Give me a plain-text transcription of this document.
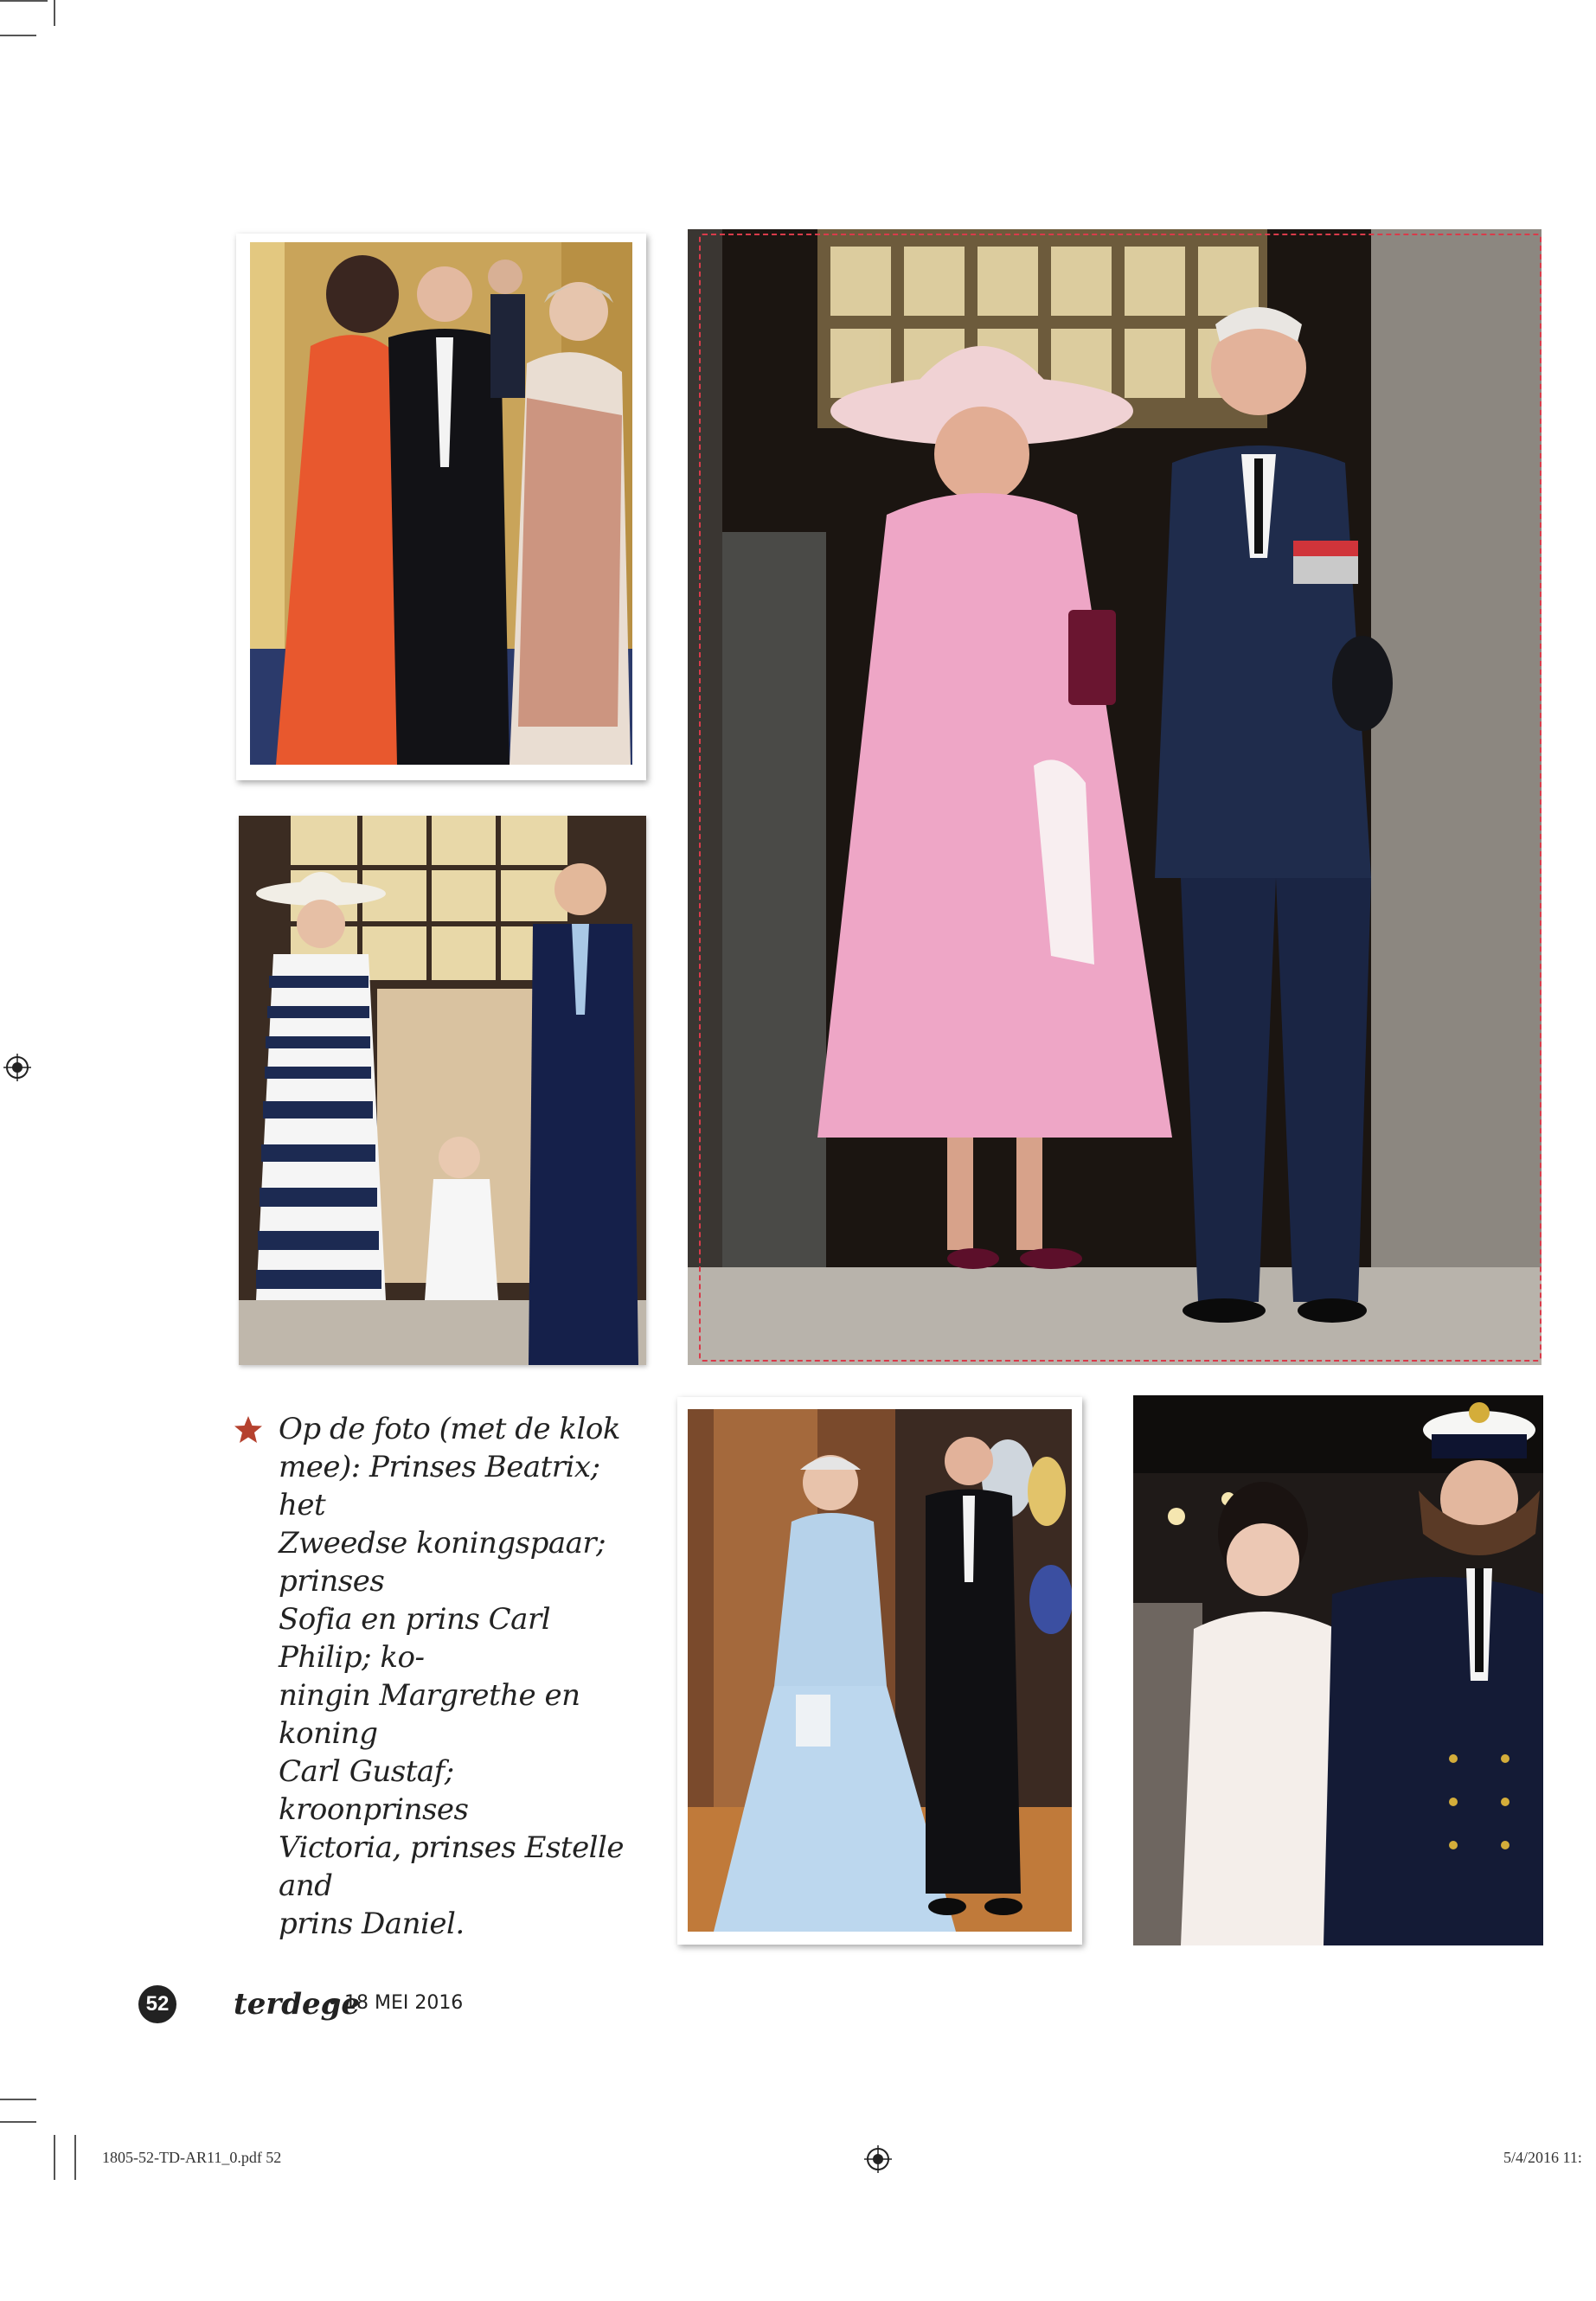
Op de foto (met de klok
mee): Prinses Beatrix; het
Zweedse koningspaar; prinses
Sofia en prins Carl Philip; ko-
ningin Margrethe en koning
Carl Gustaf; kroonprinses
Victoria, prinses Estelle and
prins Daniel.
52 terdege
• 18 MEI 2016
1805-52-TD-AR11_0.pdf 52	5/4/2016 11:
